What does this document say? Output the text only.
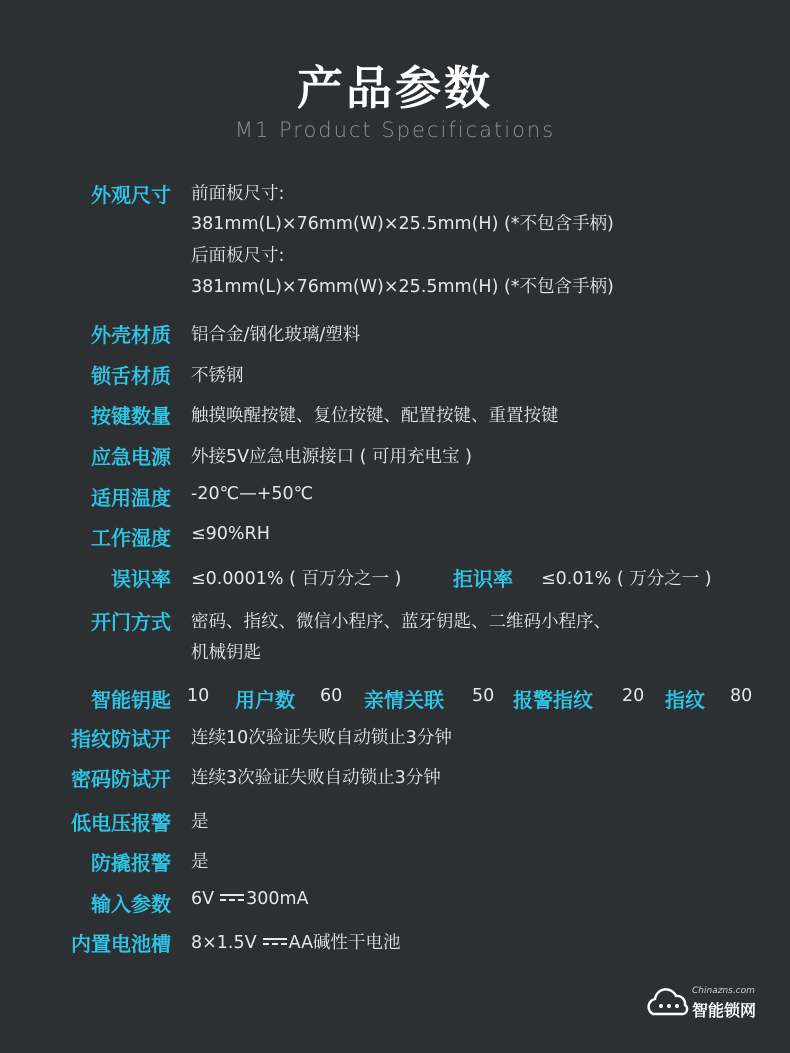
产品参数
M1 Product Specifications
外观尺寸 前面板尺寸:
381mm(L)×76mm(W)×25.5mm(H) (*不包含手柄)
后面板尺寸:
381mm(L)×76mm(W)×25.5mm(H) (*不包含手柄)
外壳材质 铝合金/钢化玻璃/塑料
锁舌材质 不锈钢
按键数量 触摸唤醒按键、复位按键、配置按键、重置按键
应急电源 外接5V应急电源接口 ( 可用充电宝 )
适用温度 -20℃—+50℃
工作湿度 ≤90%RH
误识率 ≤0.0001% ( 百万分之一 )	拒识率 ≤0.01% ( 万分之一 )
开门方式 密码、指纹、微信小程序、蓝牙钥匙、二维码小程序、
机械钥匙
智能钥匙 10 用户数 60 亲情关联 50 报警指纹 20 指纹 80
指纹防试开 连续10次验证失败自动锁止3分钟
密码防试开 连续3次验证失败自动锁止3分钟
低电压报警 是
防撬报警 是
输入参数 6V 300mA
内置电池槽 8×1.5V AA碱性干电池
Chinazns.com
智能锁网
